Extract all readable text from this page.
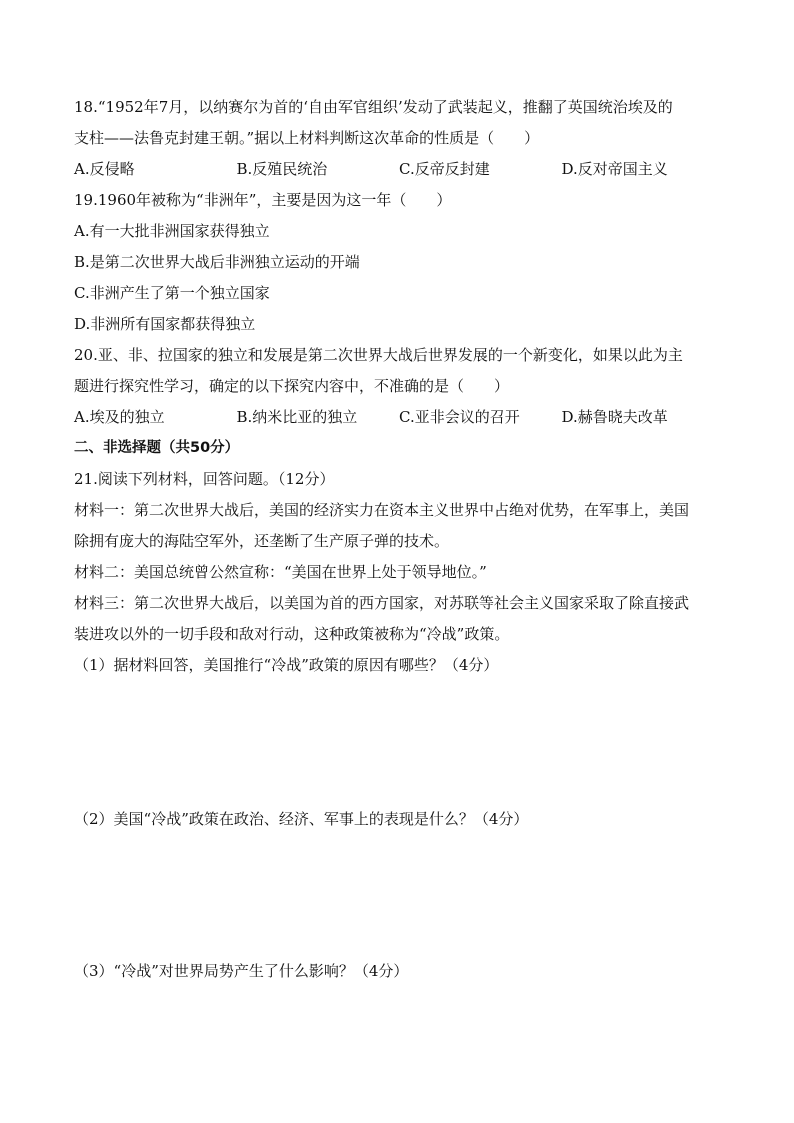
18.“1952年7月，以纳赛尔为首的‘自由军官组织’发动了武装起义，推翻了英国统治埃及的
支柱——法鲁克封建王朝。”据以上材料判断这次革命的性质是（　　）
A.反侵略	B.反殖民统治	C.反帝反封建	D.反对帝国主义
19.1960年被称为“非洲年”，主要是因为这一年（　　）
A.有一大批非洲国家获得独立
B.是第二次世界大战后非洲独立运动的开端
C.非洲产生了第一个独立国家
D.非洲所有国家都获得独立
20.亚、非、拉国家的独立和发展是第二次世界大战后世界发展的一个新变化，如果以此为主
题进行探究性学习，确定的以下探究内容中，不准确的是（　　）
A.埃及的独立	B.纳米比亚的独立	C.亚非会议的召开	D.赫鲁晓夫改革
二、非选择题（共50分）
21.阅读下列材料，回答问题。（12分）
材料一：第二次世界大战后，美国的经济实力在资本主义世界中占绝对优势，在军事上，美国
除拥有庞大的海陆空军外，还垄断了生产原子弹的技术。
材料二：美国总统曾公然宣称：“美国在世界上处于领导地位。”
材料三：第二次世界大战后，以美国为首的西方国家，对苏联等社会主义国家采取了除直接武
装进攻以外的一切手段和敌对行动，这种政策被称为“冷战”政策。
（1）据材料回答，美国推行“冷战”政策的原因有哪些？（4分）
（2）美国“冷战”政策在政治、经济、军事上的表现是什么？（4分）
（3）“冷战”对世界局势产生了什么影响？（4分）
